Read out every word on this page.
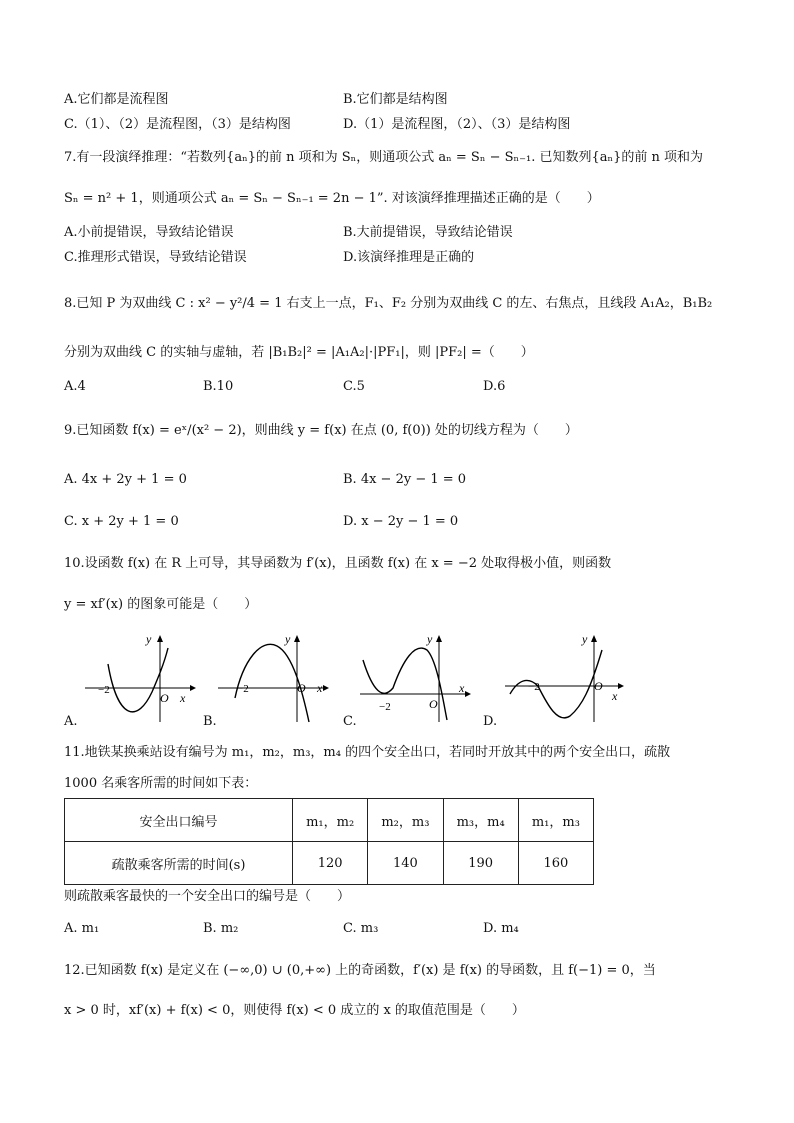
A.它们都是流程图	B.它们都是结构图
C.（1）、（2）是流程图，（3）是结构图	D.（1）是流程图，（2）、（3）是结构图
7.有一段演绎推理：“若数列{aₙ}的前 n 项和为 Sₙ，则通项公式 aₙ = Sₙ − Sₙ₋₁. 已知数列{aₙ}的前 n 项和为
Sₙ = n² + 1，则通项公式 aₙ = Sₙ − Sₙ₋₁ = 2n − 1”. 对该演绎推理描述正确的是（　　）
A.小前提错误，导致结论错误	B.大前提错误，导致结论错误
C.推理形式错误，导致结论错误	D.该演绎推理是正确的
8.已知 P 为双曲线 C : x² − y²/4 = 1 右支上一点，F₁、F₂ 分别为双曲线 C 的左、右焦点，且线段 A₁A₂，B₁B₂
分别为双曲线 C 的实轴与虚轴，若 |B₁B₂|² = |A₁A₂|·|PF₁|，则 |PF₂| =（　　）
A.4	B.10	C.5	D.6
9.已知函数 f(x) = eˣ/(x² − 2)，则曲线 y = f(x) 在点 (0, f(0)) 处的切线方程为（　　）
A. 4x + 2y + 1 = 0	B. 4x − 2y − 1 = 0
C. x + 2y + 1 = 0	D. x − 2y − 1 = 0
10.设函数 f(x) 在 R 上可导，其导函数为 f′(x)，且函数 f(x) 在 x = −2 处取得极小值，则函数
y = xf′(x) 的图象可能是（　　）
y
x
O
−2
A.
y
x
O
−2
B.
y
x
O
−2
C.
y
x
O
−2
D.
11.地铁某换乘站设有编号为 m₁，m₂，m₃，m₄ 的四个安全出口，若同时开放其中的两个安全出口，疏散
1000 名乘客所需的时间如下表：
安全出口编号	m₁，m₂	m₂，m₃	m₃，m₄	m₁，m₃
疏散乘客所需的时间(s)	120	140	190	160
则疏散乘客最快的一个安全出口的编号是（　　）
A. m₁	B. m₂	C. m₃	D. m₄
12.已知函数 f(x) 是定义在 (−∞,0) ∪ (0,+∞) 上的奇函数，f′(x) 是 f(x) 的导函数，且 f(−1) = 0，当
x > 0 时，xf′(x) + f(x) < 0，则使得 f(x) < 0 成立的 x 的取值范围是（　　）
